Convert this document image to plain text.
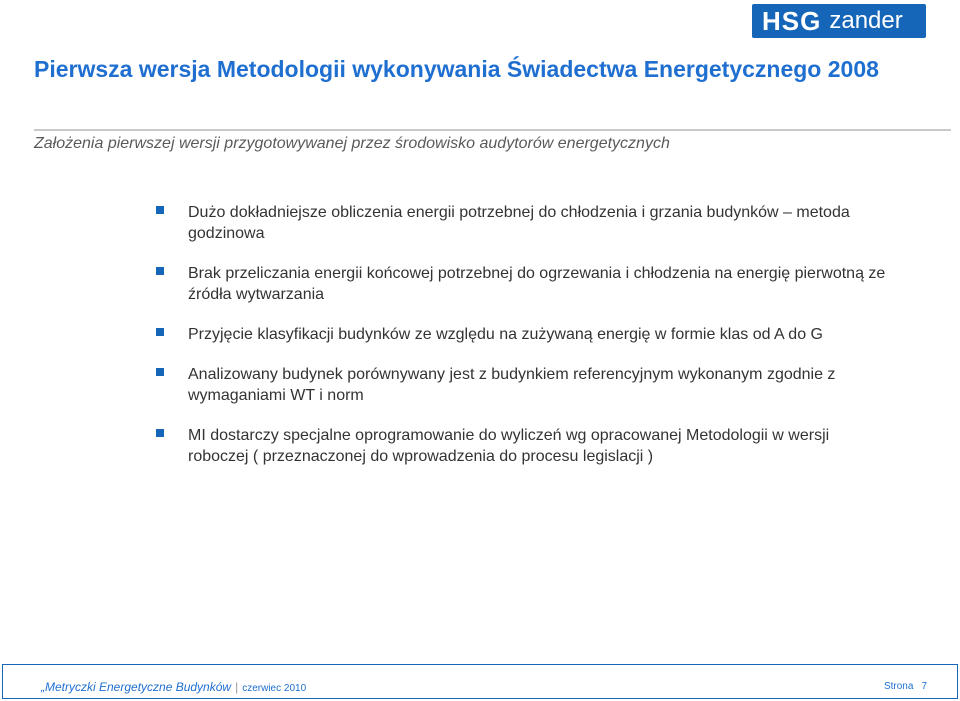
HSG zander
Pierwsza wersja Metodologii wykonywania Świadectwa Energetycznego 2008

Założenia pierwszej wersji przygotowywanej przez środowisko audytorów energetycznych

Dużo dokładniejsze obliczenia energii potrzebnej do chłodzenia i grzania budynków – metoda godzinowa
Brak przeliczania energii końcowej potrzebnej do ogrzewania i chłodzenia na energię pierwotną ze źródła wytwarzania
Przyjęcie klasyfikacji budynków ze względu na zużywaną energię w formie klas od A do G
Analizowany budynek porównywany jest z budynkiem referencyjnym wykonanym zgodnie z wymaganiami WT i norm
MI dostarczy specjalne oprogramowanie do wyliczeń wg opracowanej Metodologii w wersji roboczej ( przeznaczonej do wprowadzenia do procesu legislacji )
„Metryczki Energetyczne Budynków | czerwiec 2010	Strona 7
